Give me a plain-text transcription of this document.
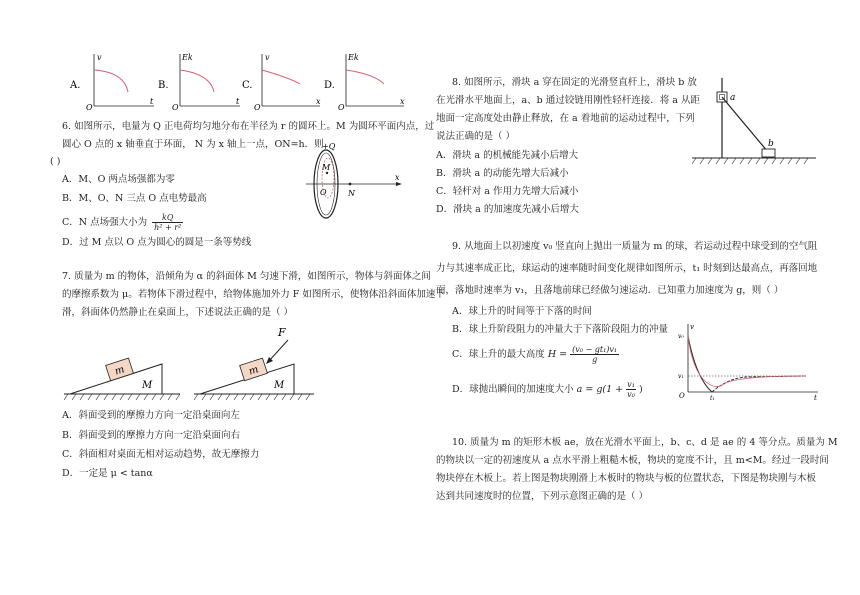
A.
v
t
O
B.
Ek
t
O
C.
v
x
O
D.
Ek
x
O
6. 如图所示，电量为 Q 正电荷均匀地分布在半径为 r 的圆环上。M 为圆环平面内点，过
圆心 O 点的 x 轴垂直于环面， N 为 x 轴上一点，ON=h．则
( )
A．M、O 两点场强都为零
B．M、O、N 三点 O 点电势最高
C．N 点场强大小为 $\frac{kQ}{\text{h² + r²}}$
D．过 M 点以 O 点为圆心的圆是一条等势线
+Q
M
O	N
x
7. 质量为 m 的物体，沿倾角为 α 的斜面体 M 匀速下滑，如图所示，物体与斜面体之间
的摩擦系数为 μ。若物体下滑过程中，给物体施加外力 F 如图所示，使物体沿斜面体加速下
滑，斜面体仍然静止在桌面上，下述说法正确的是（ ）
m
M
m
F
M
A．斜面受到的摩擦力方向一定沿桌面向左
B．斜面受到的摩擦力方向一定沿桌面向右
C．斜面相对桌面无相对运动趋势，故无摩擦力
D．一定是 μ < tanα
8. 如图所示，滑块 a 穿在固定的光滑竖直杆上，滑块 b 放
在光滑水平地面上，a、b 通过铰链用刚性轻杆连接．将 a 从距
地面一定高度处由静止释放，在 a 着地前的运动过程中，下列
说法正确的是（ ）
A．滑块 a 的机械能先减小后增大
B．滑块 a 的动能先增大后减小
C．轻杆对 a 作用力先增大后减小
D．滑块 a 的加速度先减小后增大
a
b
9. 从地面上以初速度 v₀ 竖直向上抛出一质量为 m 的球，若运动过程中球受到的空气阻
力与其速率成正比，球运动的速率随时间变化规律如图所示，t₁ 时刻到达最高点，再落回地
面，落地时速率为 v₁，且落地前球已经做匀速运动．已知重力加速度为 g，则（ ）
A．球上升的时间等于下落的时间
B．球上升阶段阻力的冲量大于下落阶段阻力的冲量
C．球上升的最大高度 $H = \frac{\text{(v₀ − gt₁)v₁}}{g}$
D．球抛出瞬间的加速度大小 $a = g(1 + \frac{\text{v₁}}{\text{v₀}}$ )
v
v₀
v₁
O	t₁	t
10. 质量为 m 的矩形木板 ae，放在光滑水平面上，b、c、d 是 ae 的 4 等分点。质量为 M
的物块以一定的初速度从 a 点水平滑上粗糙木板，物块的宽度不计，且 m<M。经过一段时间
物块停在木板上。若上图是物块刚滑上木板时的物块与板的位置状态，下图是物块刚与木板
达到共同速度时的位置，下列示意图正确的是（ ）
